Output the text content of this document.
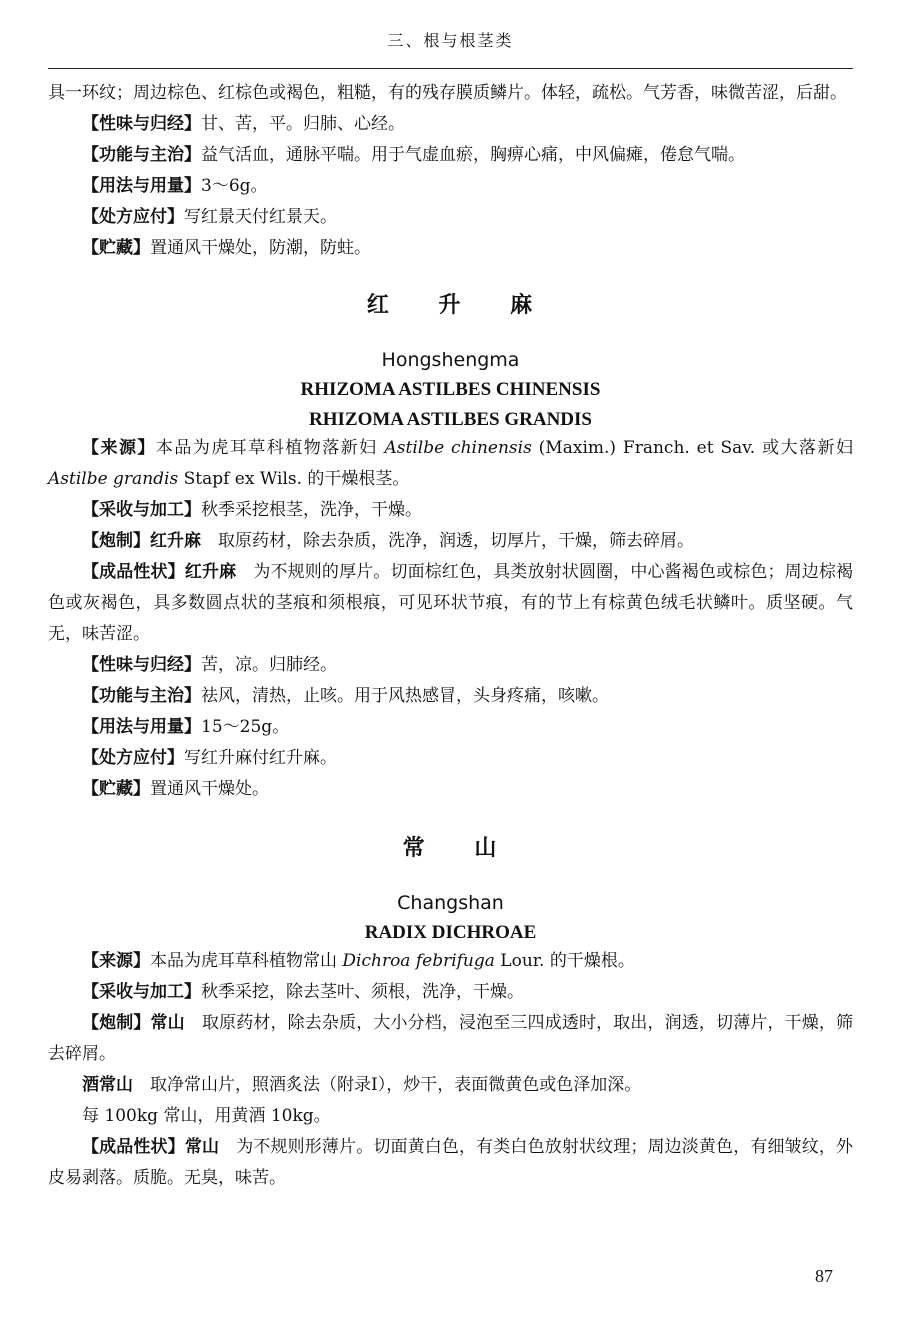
三、根与根茎类

具一环纹；周边棕色、红棕色或褐色，粗糙，有的残存膜质鳞片。体轻，疏松。气芳香，味微苦涩，后甜。

【性味与归经】甘、苦，平。归肺、心经。

【功能与主治】益气活血，通脉平喘。用于气虚血瘀，胸痹心痛，中风偏瘫，倦怠气喘。

【用法与用量】3～6g。

【处方应付】写红景天付红景天。

【贮藏】置通风干燥处，防潮，防蛀。

红 升 麻

Hongshengma

RHIZOMA ASTILBES CHINENSIS

RHIZOMA ASTILBES GRANDIS

【来源】本品为虎耳草科植物落新妇 Astilbe chinensis (Maxim.) Franch. et Sav. 或大落新妇 Astilbe grandis Stapf ex Wils. 的干燥根茎。

【采收与加工】秋季采挖根茎，洗净，干燥。

【炮制】红升麻　取原药材，除去杂质，洗净，润透，切厚片，干燥，筛去碎屑。

【成品性状】红升麻　为不规则的厚片。切面棕红色，具类放射状圆圈，中心酱褐色或棕色；周边棕褐色或灰褐色，具多数圆点状的茎痕和须根痕，可见环状节痕，有的节上有棕黄色绒毛状鳞叶。质坚硬。气无，味苦涩。

【性味与归经】苦，凉。归肺经。

【功能与主治】祛风，清热，止咳。用于风热感冒，头身疼痛，咳嗽。

【用法与用量】15～25g。

【处方应付】写红升麻付红升麻。

【贮藏】置通风干燥处。

常 山

Changshan

RADIX DICHROAE

【来源】本品为虎耳草科植物常山 Dichroa febrifuga Lour. 的干燥根。

【采收与加工】秋季采挖，除去茎叶、须根，洗净，干燥。

【炮制】常山　取原药材，除去杂质，大小分档，浸泡至三四成透时，取出，润透，切薄片，干燥，筛去碎屑。

酒常山　取净常山片，照酒炙法（附录Ⅰ），炒干，表面微黄色或色泽加深。

每 100kg 常山，用黄酒 10kg。

【成品性状】常山　为不规则形薄片。切面黄白色，有类白色放射状纹理；周边淡黄色，有细皱纹，外皮易剥落。质脆。无臭，味苦。

87
